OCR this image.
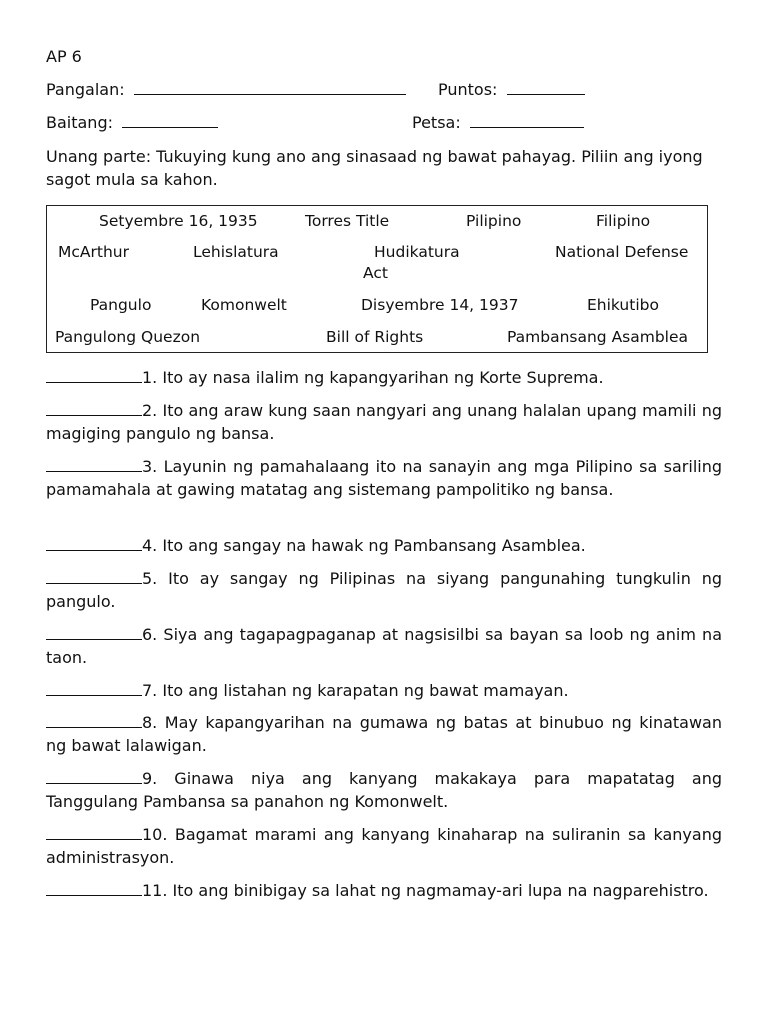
AP 6
Pangalan:	Puntos:
Baitang:	Petsa:
Unang parte: Tukuying kung ano ang sinasaad ng bawat pahayag. Piliin ang iyong sagot mula sa kahon.
Setyembre 16, 1935	Torres Title	Pilipino	Filipino
McArthur	Lehislatura	Hudikatura	National Defense Act
Pangulo	Komonwelt	Disyembre 14, 1937	Ehikutibo
Pangulong Quezon	Bill of Rights	Pambansang Asamblea
1. Ito ay nasa ilalim ng kapangyarihan ng Korte Suprema.
2. Ito ang araw kung saan nangyari ang unang halalan upang mamili ng magiging pangulo ng bansa.
3. Layunin ng pamahalaang ito na sanayin ang mga Pilipino sa sariling pamamahala at gawing matatag ang sistemang pampolitiko ng bansa.
4. Ito ang sangay na hawak ng Pambansang Asamblea.
5. Ito ay sangay ng Pilipinas na siyang pangunahing tungkulin ng pangulo.
6. Siya ang tagapagpaganap at nagsisilbi sa bayan sa loob ng anim na taon.
7. Ito ang listahan ng karapatan ng bawat mamayan.
8. May kapangyarihan na gumawa ng batas at binubuo ng kinatawan ng bawat lalawigan.
9. Ginawa niya ang kanyang makakaya para mapatatag ang Tanggulang Pambansa sa panahon ng Komonwelt.
10. Bagamat marami ang kanyang kinaharap na suliranin sa kanyang administrasyon.
11. Ito ang binibigay sa lahat ng nagmamay-ari lupa na nagparehistro.
